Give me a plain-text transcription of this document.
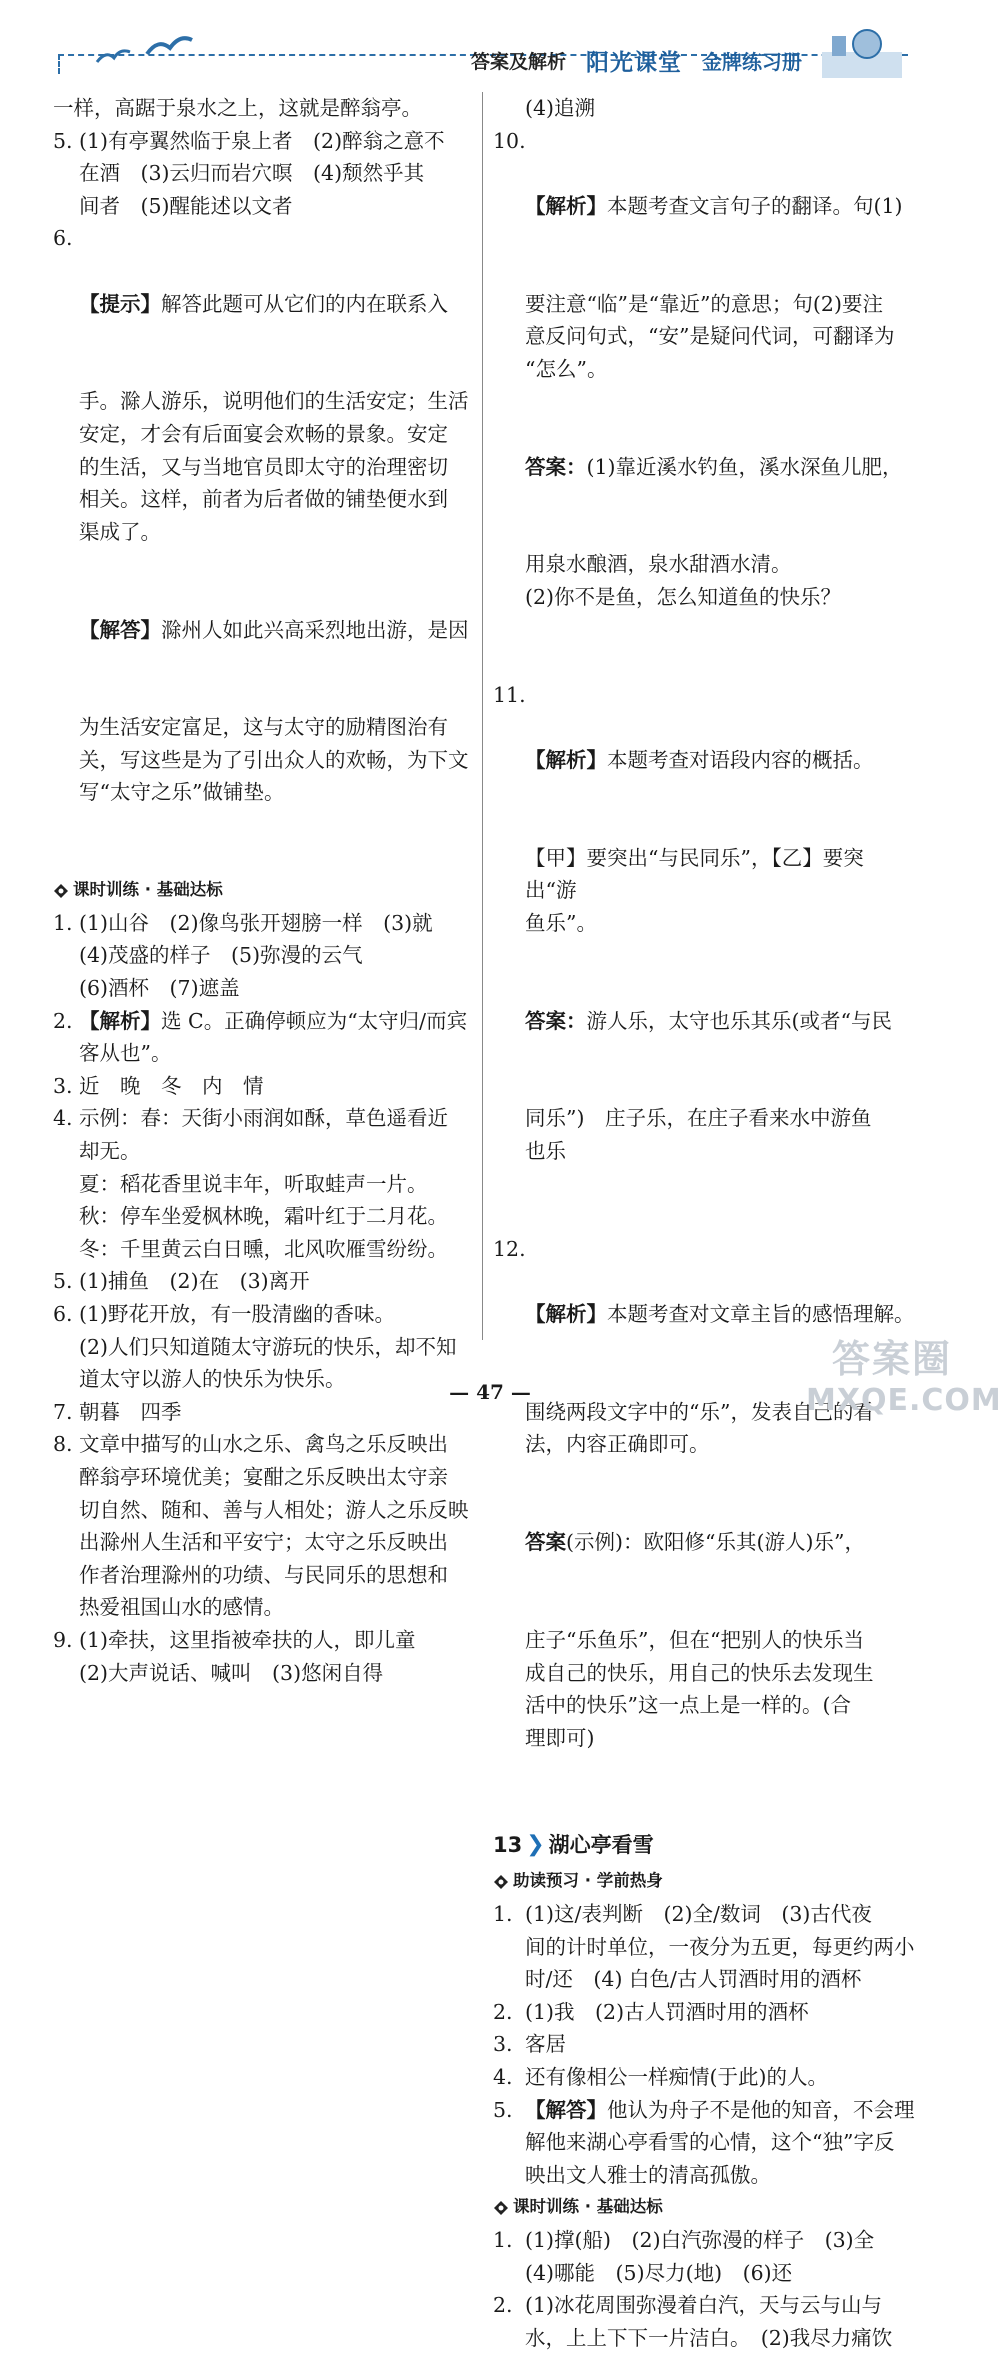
答案及解析 阳光课堂 金牌练习册
一样，高踞于泉水之上，这就是醉翁亭。
5. (1)有亭翼然临于泉上者　(2)醉翁之意不
在酒　(3)云归而岩穴暝　(4)颓然乎其
间者　(5)醒能述以文者
6.

【提示】解答此题可从它们的内在联系入

手。滁人游乐，说明他们的生活安定；生活
安定，才会有后面宴会欢畅的景象。安定
的生活，又与当地官员即太守的治理密切
相关。这样，前者为后者做的铺垫便水到
渠成了。

【解答】滁州人如此兴高采烈地出游，是因

为生活安定富足，这与太守的励精图治有
关，写这些是为了引出众人的欢畅，为下文
写“太守之乐”做铺垫。

课时训练 · 基础达标
1. (1)山谷　(2)像鸟张开翅膀一样　(3)就
(4)茂盛的样子　(5)弥漫的云气
(6)酒杯　(7)遮盖
2. 【解析】选 C。正确停顿应为“太守归/而宾
客从也”。
3. 近　晚　冬　内　情
4. 示例：春：天街小雨润如酥，草色遥看近
却无。
夏：稻花香里说丰年，听取蛙声一片。
秋：停车坐爱枫林晚，霜叶红于二月花。
冬：千里黄云白日曛，北风吹雁雪纷纷。
5. (1)捕鱼　(2)在　(3)离开
6. (1)野花开放，有一股清幽的香味。
(2)人们只知道随太守游玩的快乐，却不知
道太守以游人的快乐为快乐。
7. 朝暮　四季
8. 文章中描写的山水之乐、禽鸟之乐反映出
醉翁亭环境优美；宴酣之乐反映出太守亲
切自然、随和、善与人相处；游人之乐反映
出滁州人生活和平安宁；太守之乐反映出
作者治理滁州的功绩、与民同乐的思想和
热爱祖国山水的感情。
9. (1)牵扶，这里指被牵扶的人，即儿童
(2)大声说话、喊叫　(3)悠闲自得
(4)追溯
10.

【解析】本题考查文言句子的翻译。句(1)

要注意“临”是“靠近”的意思；句(2)要注
意反问句式，“安”是疑问代词，可翻译为
“怎么”。

答案：(1)靠近溪水钓鱼，溪水深鱼儿肥，

用泉水酿酒，泉水甜酒水清。
(2)你不是鱼，怎么知道鱼的快乐？

11.

【解析】本题考查对语段内容的概括。

【甲】要突出“与民同乐”，【乙】要突出“游
鱼乐”。

答案：游人乐，太守也乐其乐(或者“与民

同乐”)　庄子乐，在庄子看来水中游鱼
也乐

12.

【解析】本题考查对文章主旨的感悟理解。

围绕两段文字中的“乐”，发表自己的看
法，内容正确即可。

答案(示例)：欧阳修“乐其(游人)乐”，

庄子“乐鱼乐”，但在“把别人的快乐当
成自己的快乐，用自己的快乐去发现生
活中的快乐”这一点上是一样的。(合
理即可)

13 ❯ 湖心亭看雪
助读预习 · 学前热身
1. (1)这/表判断　(2)全/数词　(3)古代夜
间的计时单位，一夜分为五更，每更约两小
时/还　(4) 白色/古人罚酒时用的酒杯
2. (1)我　(2)古人罚酒时用的酒杯
3. 客居
4. 还有像相公一样痴情(于此)的人。
5. 【解答】他认为舟子不是他的知音，不会理
解他来湖心亭看雪的心情，这个“独”字反
映出文人雅士的清高孤傲。
课时训练 · 基础达标
1. (1)撑(船)　(2)白汽弥漫的样子　(3)全
(4)哪能　(5)尽力(地)　(6)还
2. (1)冰花周围弥漫着白汽，天与云与山与
水，上上下下一片洁白。　(2)我尽力痛饮
— 47 —
答案圈
MXQE.COM
